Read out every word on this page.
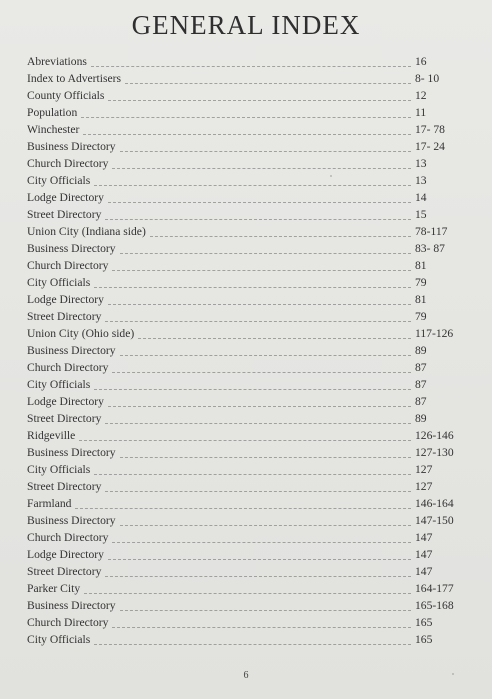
GENERAL INDEX
Abreviations	16
Index to Advertisers	8- 10
County Officials	12
Population	11
Winchester	17- 78
Business Directory	17- 24
Church Directory	13
City Officials	13
Lodge Directory	14
Street Directory	15
Union City (Indiana side)	78-117
Business Directory	83- 87
Church Directory	81
City Officials	79
Lodge Directory	81
Street Directory	79
Union City (Ohio side)	117-126
Business Directory	89
Church Directory	87
City Officials	87
Lodge Directory	87
Street Directory	89
Ridgeville	126-146
Business Directory	127-130
City Officials	127
Street Directory	127
Farmland	146-164
Business Directory	147-150
Church Directory	147
Lodge Directory	147
Street Directory	147
Parker City	164-177
Business Directory	165-168
Church Directory	165
City Officials	165
6
